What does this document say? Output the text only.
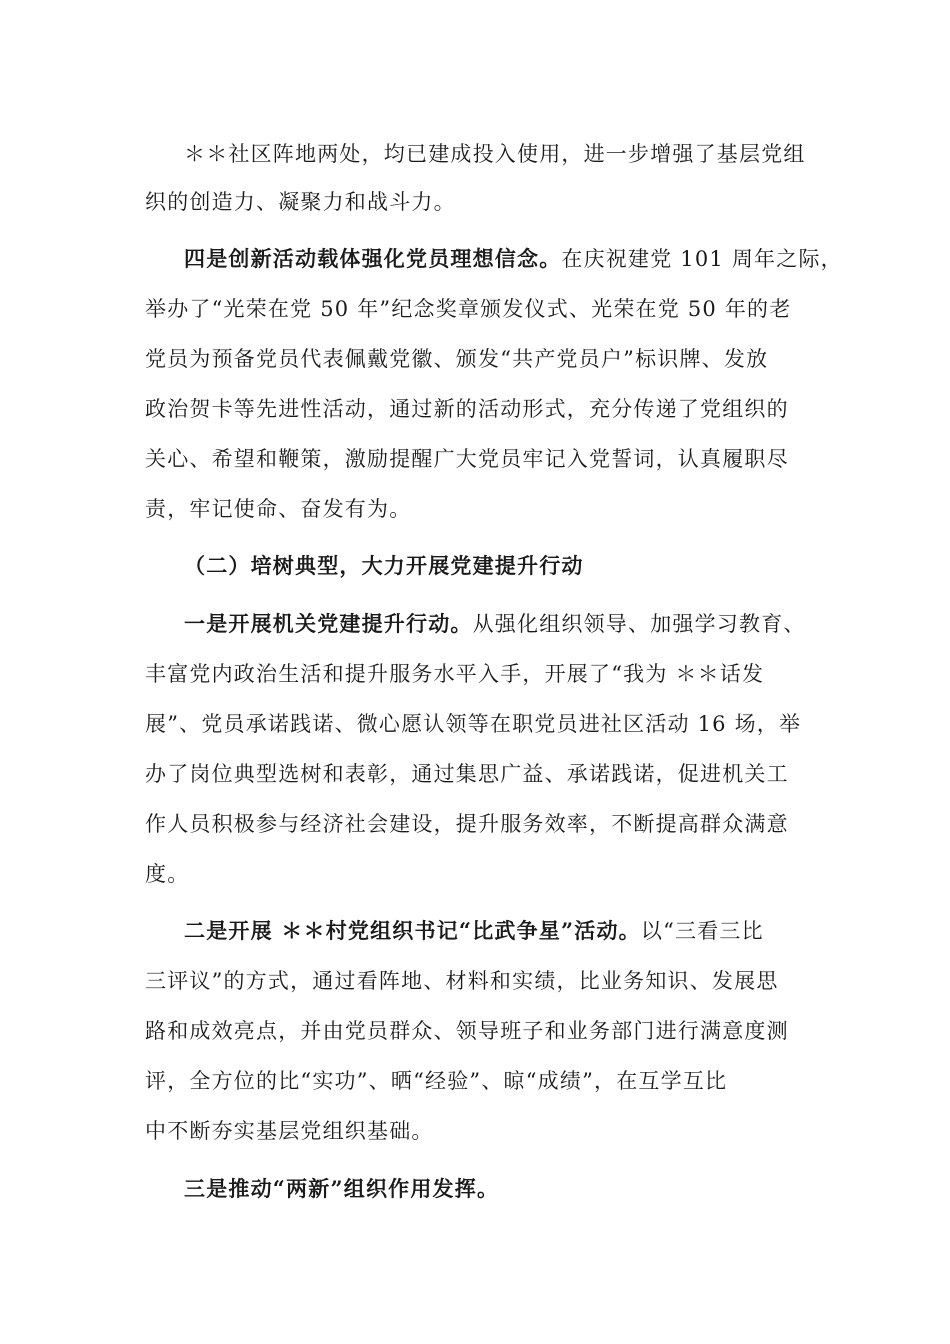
＊＊社区阵地两处，均已建成投入使用，进一步增强了基层党组
织的创造力、凝聚力和战斗力。
四是创新活动载体强化党员理想信念。在庆祝建党 101 周年之际，
举办了“光荣在党 50 年”纪念奖章颁发仪式、光荣在党 50 年的老
党员为预备党员代表佩戴党徽、颁发“共产党员户”标识牌、发放
政治贺卡等先进性活动，通过新的活动形式，充分传递了党组织的
关心、希望和鞭策，激励提醒广大党员牢记入党誓词，认真履职尽
责，牢记使命、奋发有为。
（二）培树典型，大力开展党建提升行动
一是开展机关党建提升行动。从强化组织领导、加强学习教育、
丰富党内政治生活和提升服务水平入手，开展了“我为 ＊＊话发
展”、党员承诺践诺、微心愿认领等在职党员进社区活动 16 场，举
办了岗位典型选树和表彰，通过集思广益、承诺践诺，促进机关工
作人员积极参与经济社会建设，提升服务效率，不断提高群众满意
度。
二是开展 ＊＊村党组织书记“比武争星”活动。以“三看三比
三评议”的方式，通过看阵地、材料和实绩，比业务知识、发展思
路和成效亮点，并由党员群众、领导班子和业务部门进行满意度测
评，全方位的比“实功”、晒“经验”、晾“成绩”，在互学互比
中不断夯实基层党组织基础。
三是推动“两新”组织作用发挥。
